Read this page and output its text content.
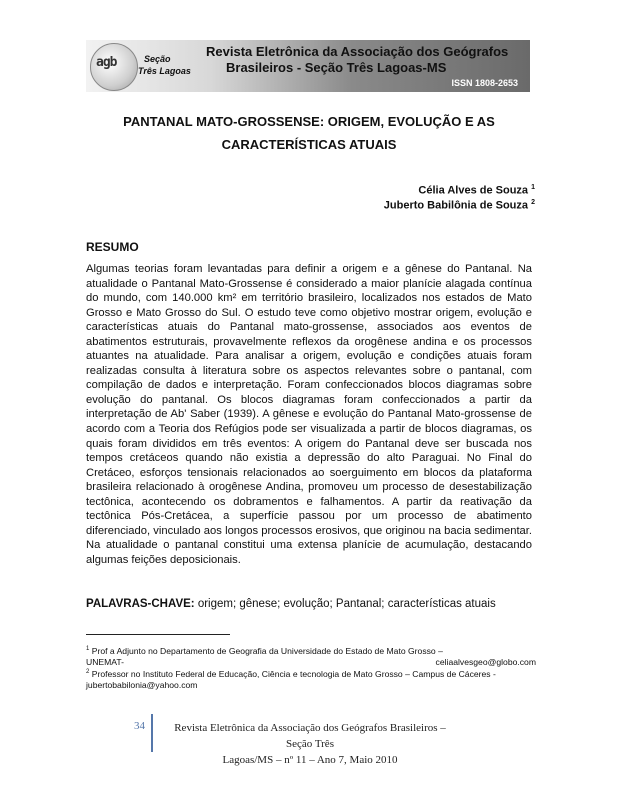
agb	Seção
Três Lagoas
Revista Eletrônica da Associação dos Geógrafos
Brasileiros - Seção Três Lagoas-MS
ISSN 1808-2653
PANTANAL MATO-GROSSENSE: ORIGEM, EVOLUÇÃO E AS
CARACTERÍSTICAS ATUAIS
Célia Alves de Souza $^1$
Juberto Babilônia de Souza $^2$
RESUMO
Algumas teorias foram levantadas para definir a origem e a gênese do Pantanal. Na atualidade o Pantanal Mato-Grossense é considerado a maior planície alagada contínua do mundo, com 140.000 km² em território brasileiro, localizados nos estados de Mato Grosso e Mato Grosso do Sul. O estudo teve como objetivo mostrar origem, evolução e características atuais do Pantanal mato-grossense, associados aos eventos de abatimentos estruturais, provavelmente reflexos da orogênese andina e os processos atuantes na atualidade. Para analisar a origem, evolução e condições atuais foram realizadas consulta à literatura sobre os aspectos relevantes sobre o pantanal, com compilação de dados e interpretação. Foram confeccionados blocos diagramas sobre evolução do pantanal. Os blocos diagramas foram confeccionados a partir da interpretação de Ab' Saber (1939). A gênese e evolução do Pantanal Mato-grossense de acordo com a Teoria dos Refúgios pode ser visualizada a partir de blocos diagramas, os quais foram divididos em três eventos: A origem do Pantanal deve ser buscada nos tempos cretáceos quando não existia a depressão do alto Paraguai. No Final do Cretáceo, esforços tensionais relacionados ao soerguimento em blocos da plataforma brasileira relacionado à orogênese Andina, promoveu um processo de desestabilização tectônica, acontecendo os dobramentos e falhamentos. A partir da reativação da tectônica Pós-Cretácea, a superfície passou por um processo de abatimento diferenciado, vinculado aos longos processos erosivos, que originou na bacia sedimentar. Na atualidade o pantanal constitui uma extensa planície de acumulação, destacando algumas feições deposicionais.
PALAVRAS-CHAVE: origem; gênese; evolução; Pantanal; características atuais
$^1$ Prof a Adjunto no Departamento de Geografia da Universidade do Estado de Mato Grosso –
UNEMAT-	celiaalvesgeo@globo.com
$^2$ Professor no Instituto Federal de Educação, Ciência e tecnologia de Mato Grosso – Campus de Cáceres - jubertobabilonia@yahoo.com
34	Revista Eletrônica da Associação dos Geógrafos Brasileiros – Seção Três
Lagoas/MS – nº 11 – Ano 7, Maio 2010
